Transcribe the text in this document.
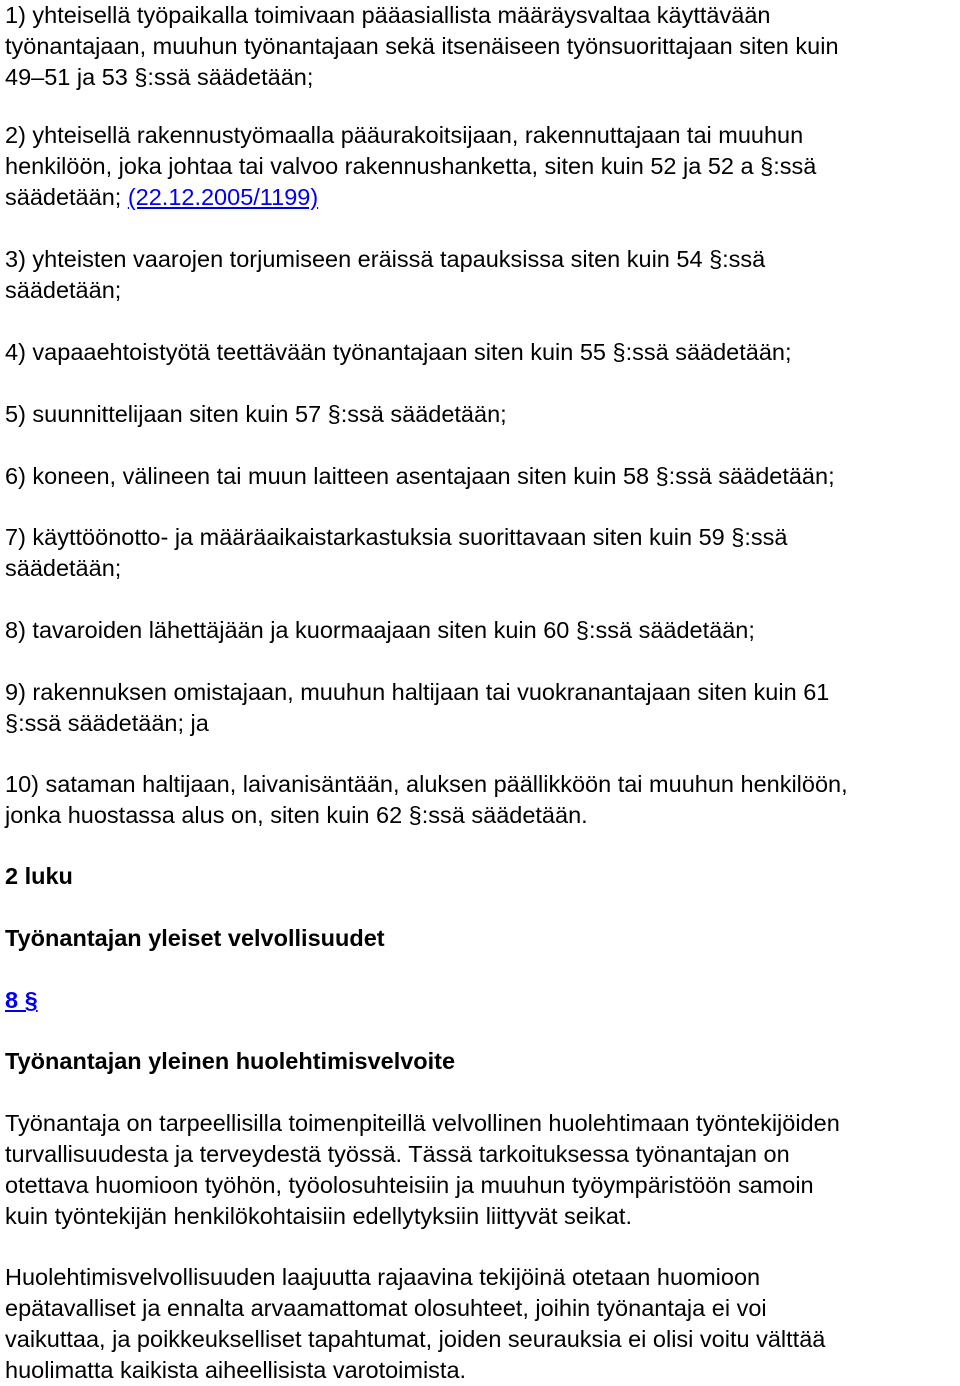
1) yhteisellä työpaikalla toimivaan pääasiallista määräysvaltaa käyttävään
työnantajaan, muuhun työnantajaan sekä itsenäiseen työnsuorittajaan siten kuin
49–51 ja 53 §:ssä säädetään;
2) yhteisellä rakennustyömaalla pääurakoitsijaan, rakennuttajaan tai muuhun
henkilöön, joka johtaa tai valvoo rakennushanketta, siten kuin 52 ja 52 a §:ssä
säädetään; (22.12.2005/1199)
3) yhteisten vaarojen torjumiseen eräissä tapauksissa siten kuin 54 §:ssä
säädetään;
4) vapaaehtoistyötä teettävään työnantajaan siten kuin 55 §:ssä säädetään;
5) suunnittelijaan siten kuin 57 §:ssä säädetään;
6) koneen, välineen tai muun laitteen asentajaan siten kuin 58 §:ssä säädetään;
7) käyttöönotto- ja määräaikaistarkastuksia suorittavaan siten kuin 59 §:ssä
säädetään;
8) tavaroiden lähettäjään ja kuormaajaan siten kuin 60 §:ssä säädetään;
9) rakennuksen omistajaan, muuhun haltijaan tai vuokranantajaan siten kuin 61
§:ssä säädetään; ja
10) sataman haltijaan, laivanisäntään, aluksen päällikköön tai muuhun henkilöön,
jonka huostassa alus on, siten kuin 62 §:ssä säädetään.
2 luku
Työnantajan yleiset velvollisuudet
8 §
Työnantajan yleinen huolehtimisvelvoite
Työnantaja on tarpeellisilla toimenpiteillä velvollinen huolehtimaan työntekijöiden
turvallisuudesta ja terveydestä työssä. Tässä tarkoituksessa työnantajan on
otettava huomioon työhön, työolosuhteisiin ja muuhun työympäristöön samoin
kuin työntekijän henkilökohtaisiin edellytyksiin liittyvät seikat.
Huolehtimisvelvollisuuden laajuutta rajaavina tekijöinä otetaan huomioon
epätavalliset ja ennalta arvaamattomat olosuhteet, joihin työnantaja ei voi
vaikuttaa, ja poikkeukselliset tapahtumat, joiden seurauksia ei olisi voitu välttää
huolimatta kaikista aiheellisista varotoimista.
